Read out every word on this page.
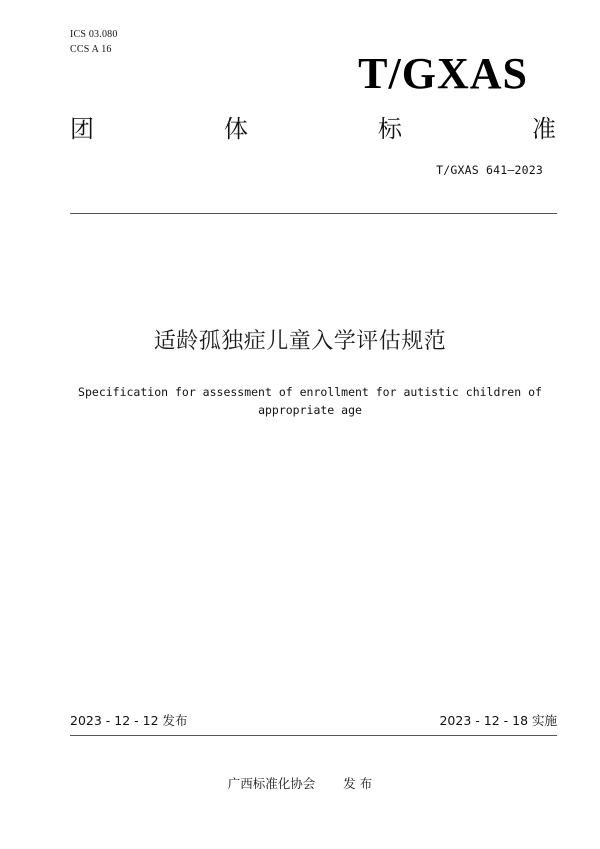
ICS 03.080
CCS A 16	T/GXAS
团	体	标	准
T/GXAS 641—2023
适龄孤独症儿童入学评估规范
Specification for assessment of enrollment for autistic children of appropriate age
2023 - 12 - 12 发布	2023 - 12 - 18 实施
广西标准化协会 发 布
